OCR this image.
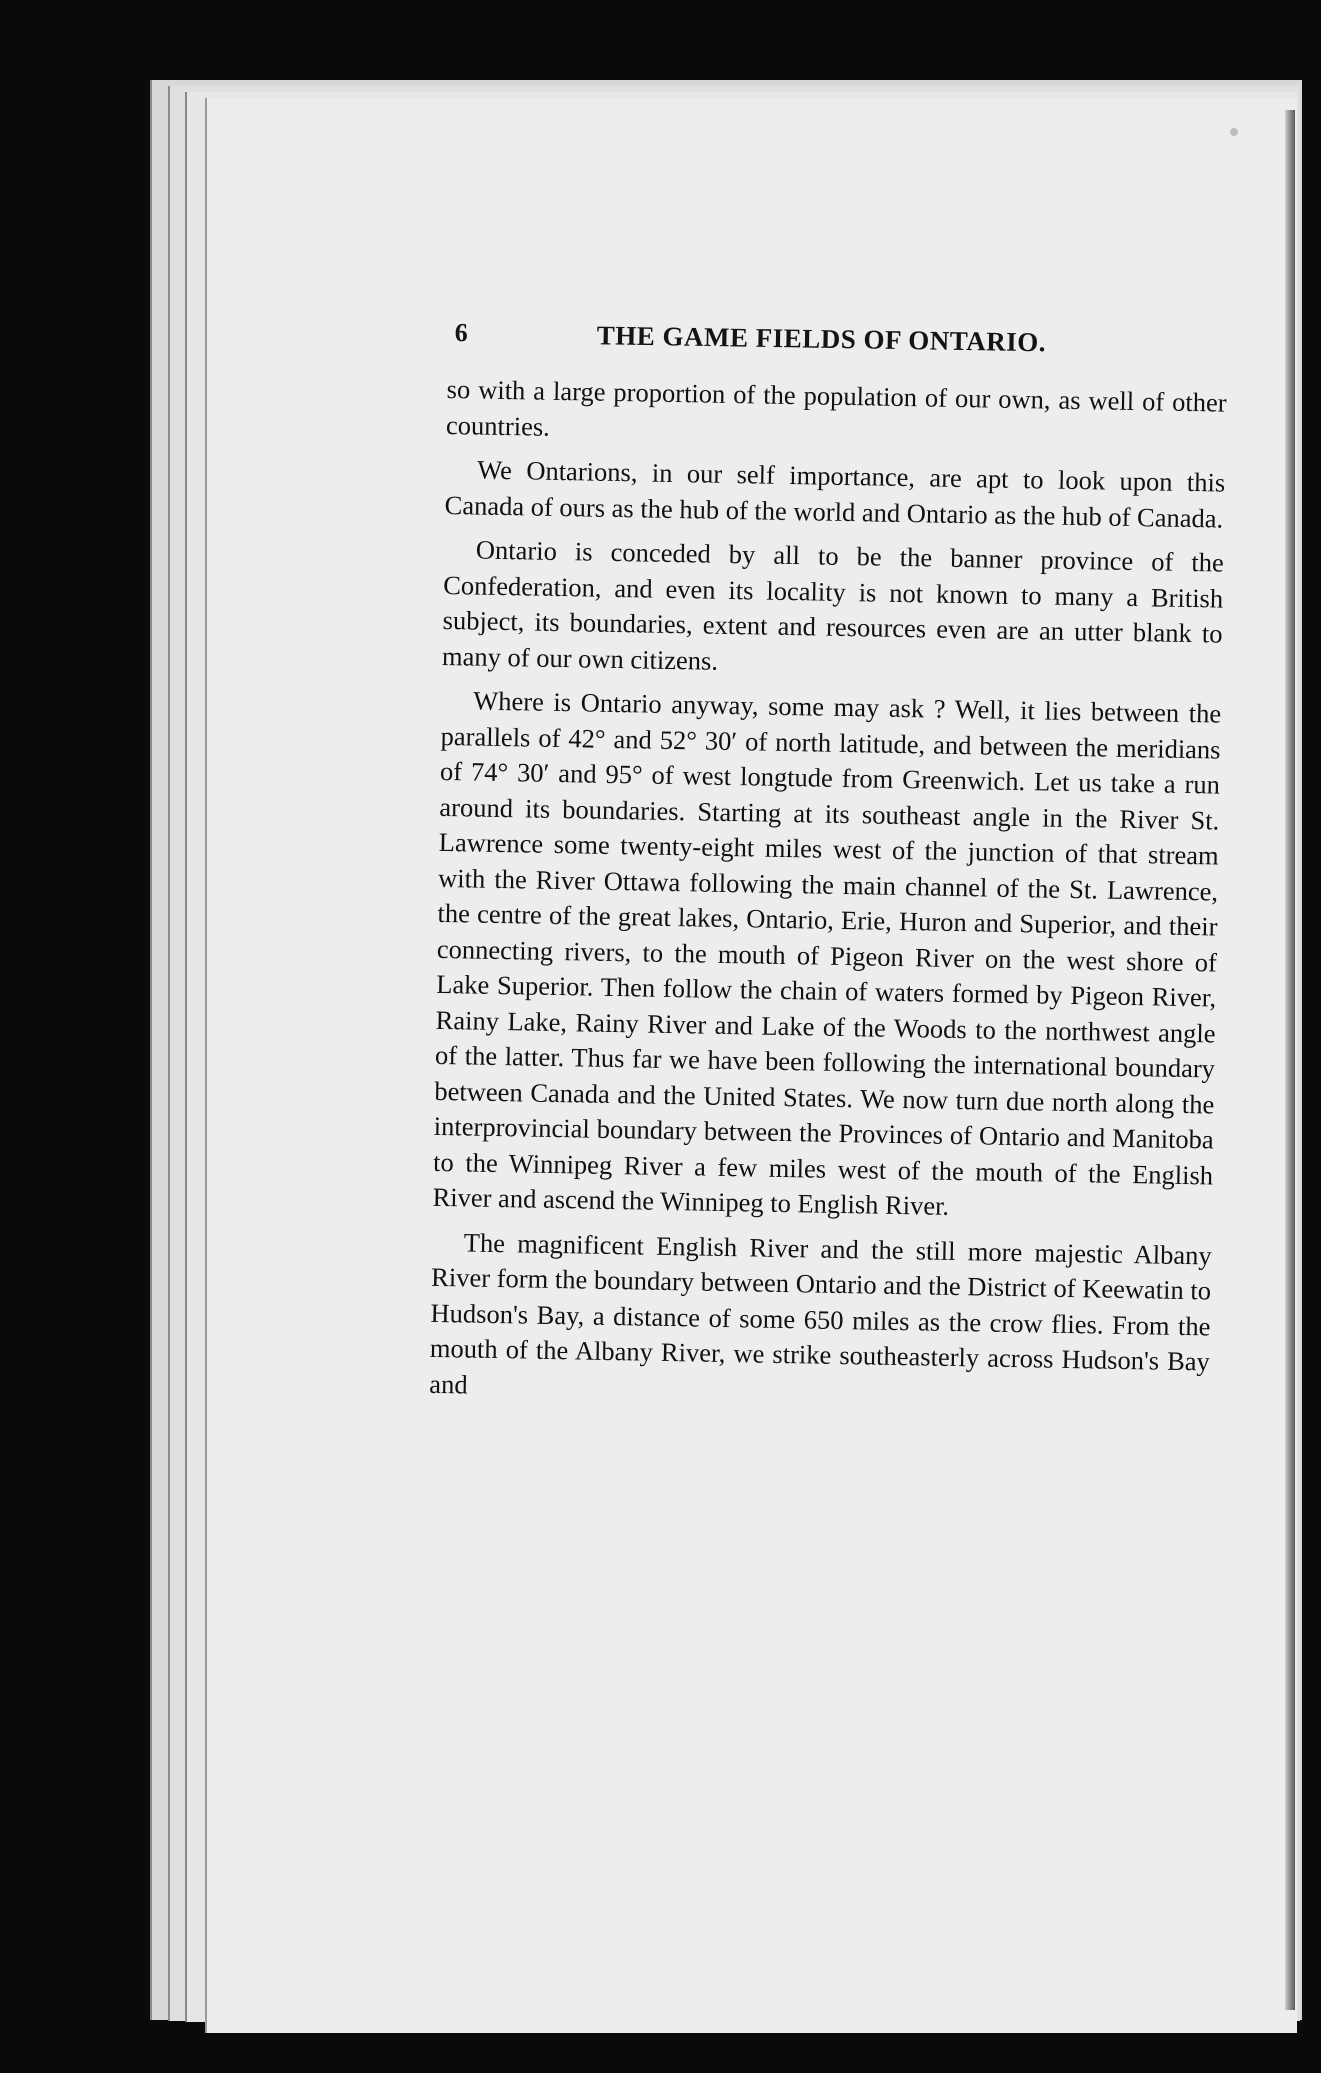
6	THE GAME FIELDS OF ONTARIO.

so with a large proportion of the population of our own, as well of other countries.

We Ontarions, in our self importance, are apt to look upon this Canada of ours as the hub of the world and Ontario as the hub of Canada.

Ontario is conceded by all to be the banner province of the Confederation, and even its locality is not known to many a British subject, its boundaries, extent and resources even are an utter blank to many of our own citizens.

Where is Ontario anyway, some may ask ? Well, it lies between the parallels of 42° and 52° 30′ of north latitude, and between the meridians of 74° 30′ and 95° of west longtude from Greenwich. Let us take a run around its boundaries. Starting at its southeast angle in the River St. Lawrence some twenty-eight miles west of the junction of that stream with the River Ottawa following the main channel of the St. Lawrence, the centre of the great lakes, Ontario, Erie, Huron and Superior, and their connecting rivers, to the mouth of Pigeon River on the west shore of Lake Superior. Then follow the chain of waters formed by Pigeon River, Rainy Lake, Rainy River and Lake of the Woods to the northwest angle of the latter. Thus far we have been following the international boundary between Canada and the United States. We now turn due north along the interprovincial boundary between the Provinces of Ontario and Manitoba to the Winnipeg River a few miles west of the mouth of the English River and ascend the Winnipeg to English River.

The magnificent English River and the still more majestic Albany River form the boundary between Ontario and the District of Keewatin to Hudson's Bay, a distance of some 650 miles as the crow flies. From the mouth of the Albany River, we strike southeasterly across Hudson's Bay and
